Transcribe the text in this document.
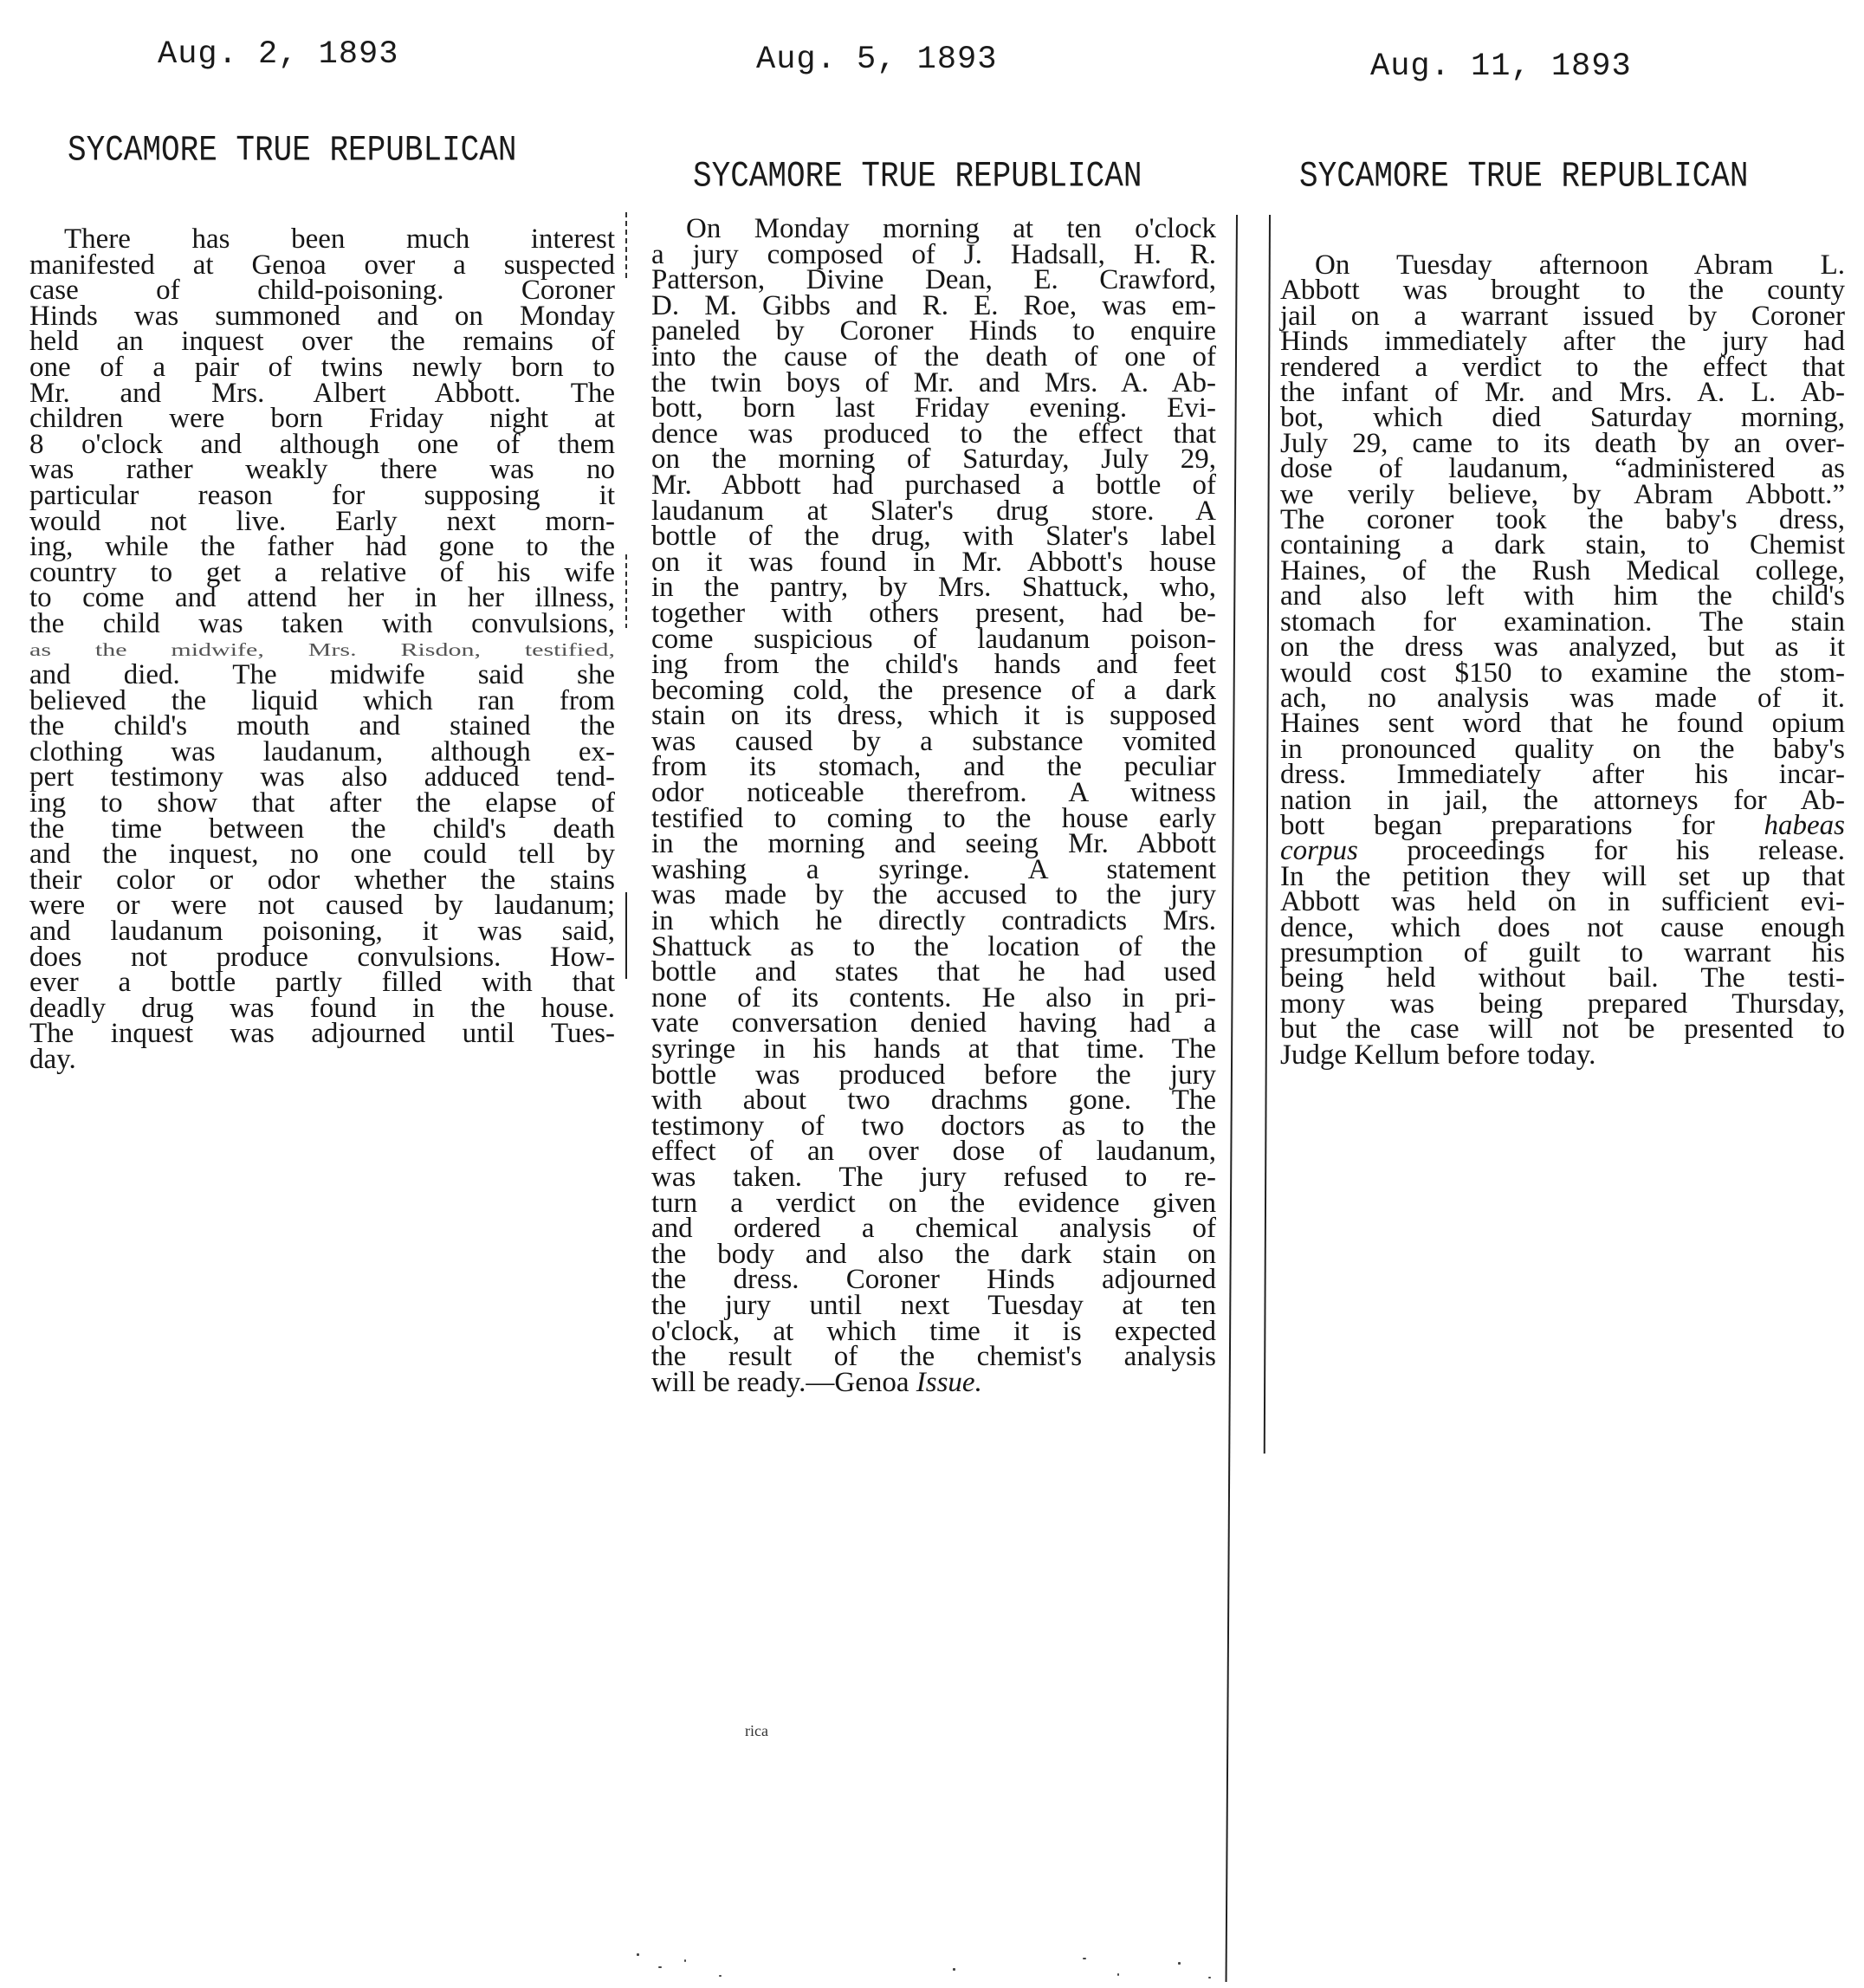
Aug. 2, 1893
SYCAMORE TRUE REPUBLICAN
Aug. 5, 1893
SYCAMORE TRUE REPUBLICAN
Aug. 11, 1893
SYCAMORE TRUE REPUBLICAN
There has been much interest
manifested at Genoa over a suspected
case of child-poisoning. Coroner
Hinds was summoned and on Monday
held an inquest over the remains of
one of a pair of twins newly born to
Mr. and Mrs. Albert Abbott. The
children were born Friday night at
8 o'clock and although one of them
was rather weakly there was no
particular reason for supposing it
would not live. Early next morn-
ing, while the father had gone to the
country to get a relative of his wife
to come and attend her in her illness,
the child was taken with convulsions,
as the midwife, Mrs. Risdon, testified,
and died. The midwife said she
believed the liquid which ran from
the child's mouth and stained the
clothing was laudanum, although ex-
pert testimony was also adduced tend-
ing to show that after the elapse of
the time between the child's death
and the inquest, no one could tell by
their color or odor whether the stains
were or were not caused by laudanum;
and laudanum poisoning, it was said,
does not produce convulsions. How-
ever a bottle partly filled with that
deadly drug was found in the house.
The inquest was adjourned until Tues-
day.
On Monday morning at ten o'clock
a jury composed of J. Hadsall, H. R.
Patterson, Divine Dean, E. Crawford,
D. M. Gibbs and R. E. Roe, was em-
paneled by Coroner Hinds to enquire
into the cause of the death of one of
the twin boys of Mr. and Mrs. A. Ab-
bott, born last Friday evening. Evi-
dence was produced to the effect that
on the morning of Saturday, July 29,
Mr. Abbott had purchased a bottle of
laudanum at Slater's drug store. A
bottle of the drug, with Slater's label
on it was found in Mr. Abbott's house
in the pantry, by Mrs. Shattuck, who,
together with others present, had be-
come suspicious of laudanum poison-
ing from the child's hands and feet
becoming cold, the presence of a dark
stain on its dress, which it is supposed
was caused by a substance vomited
from its stomach, and the peculiar
odor noticeable therefrom. A witness
testified to coming to the house early
in the morning and seeing Mr. Abbott
washing a syringe. A statement
was made by the accused to the jury
in which he directly contradicts Mrs.
Shattuck as to the location of the
bottle and states that he had used
none of its contents. He also in pri-
vate conversation denied having had a
syringe in his hands at that time. The
bottle was produced before the jury
with about two drachms gone. The
testimony of two doctors as to the
effect of an over dose of laudanum,
was taken. The jury refused to re-
turn a verdict on the evidence given
and ordered a chemical analysis of
the body and also the dark stain on
the dress. Coroner Hinds adjourned
the jury until next Tuesday at ten
o'clock, at which time it is expected
the result of the chemist's analysis
will be ready.—Genoa Issue.
rica
On Tuesday afternoon Abram L.
Abbott was brought to the county
jail on a warrant issued by Coroner
Hinds immediately after the jury had
rendered a verdict to the effect that
the infant of Mr. and Mrs. A. L. Ab-
bot, which died Saturday morning,
July 29, came to its death by an over-
dose of laudanum, “administered as
we verily believe, by Abram Abbott.”
The coroner took the baby's dress,
containing a dark stain, to Chemist
Haines, of the Rush Medical college,
and also left with him the child's
stomach for examination. The stain
on the dress was analyzed, but as it
would cost $150 to examine the stom-
ach, no analysis was made of it.
Haines sent word that he found opium
in pronounced quality on the baby's
dress. Immediately after his incar-
nation in jail, the attorneys for Ab-
bott began preparations for habeas
corpus proceedings for his release.
In the petition they will set up that
Abbott was held on in sufficient evi-
dence, which does not cause enough
presumption of guilt to warrant his
being held without bail. The testi-
mony was being prepared Thursday,
but the case will not be presented to
Judge Kellum before today.
